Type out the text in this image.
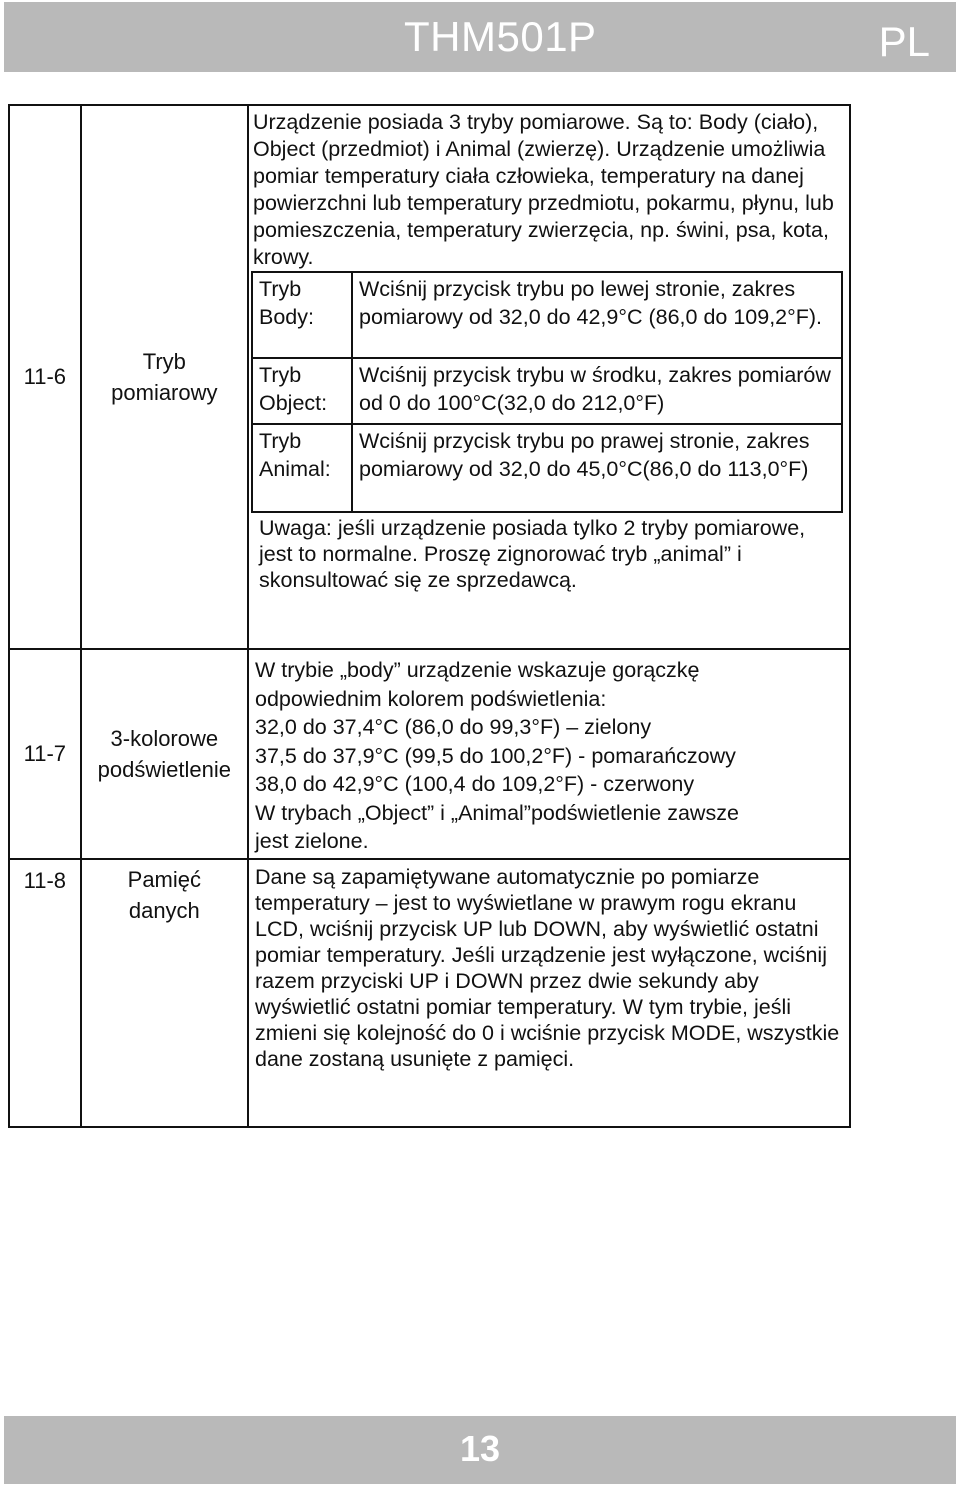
THM501P	PL
11-6	Tryb
pomiarowy	

Urządzenie posiada 3 tryby pomiarowe. Są to: Body (ciało), Object (przedmiot) i Animal (zwierzę). Urządzenie umożliwia pomiar temperatury ciała człowieka, temperatury na danej powierzchni lub temperatury przedmiotu, pokarmu, płynu, lub pomieszczenia, temperatury zwierzęcia, np. świni, psa, kota, krowy.

Tryb
Body:	Wciśnij przycisk trybu po lewej stronie, zakres pomiarowy od 32,0 do 42,9°C (86,0 do 109,2°F).
Tryb
Object:	Wciśnij przycisk trybu w środku, zakres pomiarów od 0 do 100°C(32,0 do 212,0°F)
Tryb
Animal:	Wciśnij przycisk trybu po prawej stronie, zakres pomiarowy od 32,0 do 45,0°C(86,0 do 113,0°F)

Uwaga: jeśli urządzenie posiada tylko 2 tryby pomiarowe, jest to normalne. Proszę zignorować tryb „animal” i skonsultować się ze sprzedawcą.

11-7	3-kolorowe
podświetlenie	
W trybie „body” urządzenie wskazuje gorączkę
odpowiednim kolorem podświetlenia:
32,0 do 37,4°C (86,0 do 99,3°F) – zielony
37,5 do 37,9°C (99,5 do 100,2°F) - pomarańczowy
38,0 do 42,9°C (100,4 do 109,2°F) - czerwony
W trybach „Object” i „Animal”podświetlenie zawsze
jest zielone.

11-8	Pamięć
danych	

Dane są zapamiętywane automatycznie po pomiarze temperatury – jest to wyświetlane w prawym rogu ekranu LCD, wciśnij przycisk UP lub DOWN, aby wyświetlić ostatni pomiar temperatury. Jeśli urządzenie jest wyłączone, wciśnij razem przyciski UP i DOWN przez dwie sekundy aby wyświetlić ostatni pomiar temperatury. W tym trybie, jeśli zmieni się kolejność do 0 i wciśnie przycisk MODE, wszystkie dane zostaną usunięte z pamięci.

13
